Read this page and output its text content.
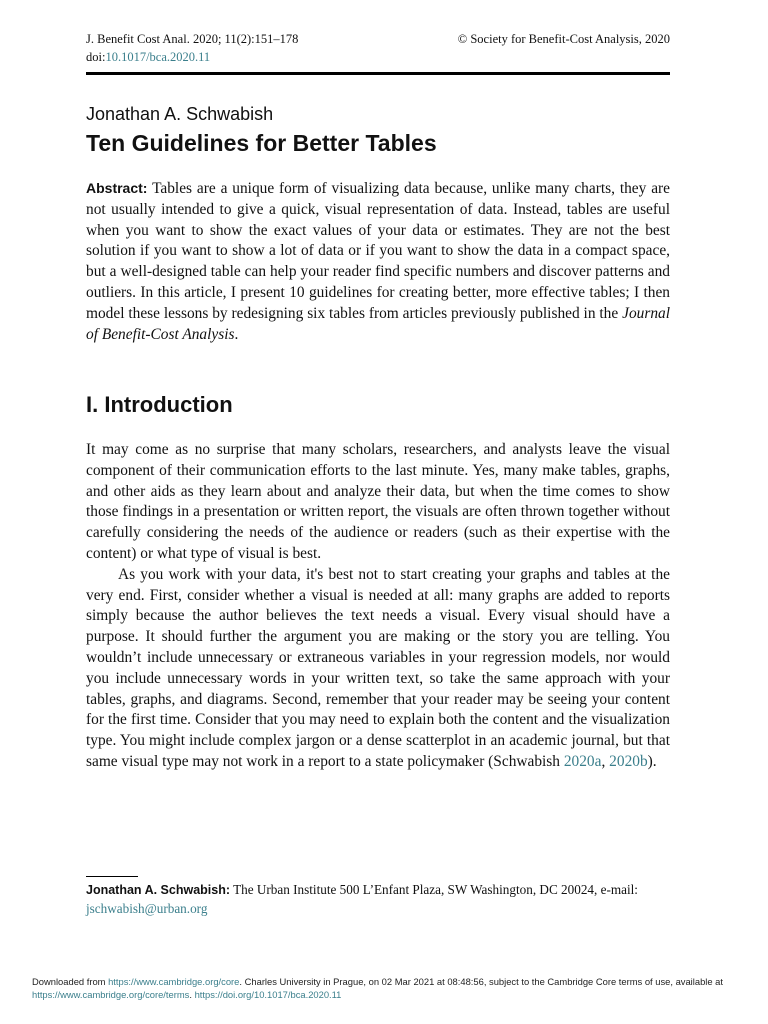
J. Benefit Cost Anal. 2020; 11(2):151–178
doi:10.1017/bca.2020.11
© Society for Benefit-Cost Analysis, 2020
Jonathan A. Schwabish
Ten Guidelines for Better Tables

Abstract: Tables are a unique form of visualizing data because, unlike many charts, they are not usually intended to give a quick, visual representation of data. Instead, tables are useful when you want to show the exact values of your data or estimates. They are not the best solution if you want to show a lot of data or if you want to show the data in a compact space, but a well-designed table can help your reader find specific numbers and discover patterns and outliers. In this article, I present 10 guidelines for creating better, more effective tables; I then model these lessons by redesigning six tables from articles previously published in the Journal of Benefit-Cost Analysis.

I. Introduction

It may come as no surprise that many scholars, researchers, and analysts leave the visual component of their communication efforts to the last minute. Yes, many make tables, graphs, and other aids as they learn about and analyze their data, but when the time comes to show those findings in a presentation or written report, the visuals are often thrown together without carefully considering the needs of the audience or readers (such as their expertise with the content) or what type of visual is best.

As you work with your data, it's best not to start creating your graphs and tables at the very end. First, consider whether a visual is needed at all: many graphs are added to reports simply because the author believes the text needs a visual. Every visual should have a purpose. It should further the argument you are making or the story you are telling. You wouldn’t include unnecessary or extraneous variables in your regression models, nor would you include unnecessary words in your written text, so take the same approach with your tables, graphs, and diagrams. Second, remember that your reader may be seeing your content for the first time. Consider that you may need to explain both the content and the visualization type. You might include complex jargon or a dense scatterplot in an academic journal, but that same visual type may not work in a report to a state policymaker (Schwabish 2020a, 2020b).

Jonathan A. Schwabish: The Urban Institute 500 L’Enfant Plaza, SW Washington, DC 20024, e-mail: jschwabish@urban.org

Downloaded from https://www.cambridge.org/core. Charles University in Prague, on 02 Mar 2021 at 08:48:56, subject to the Cambridge Core terms of use, available at https://www.cambridge.org/core/terms. https://doi.org/10.1017/bca.2020.11
